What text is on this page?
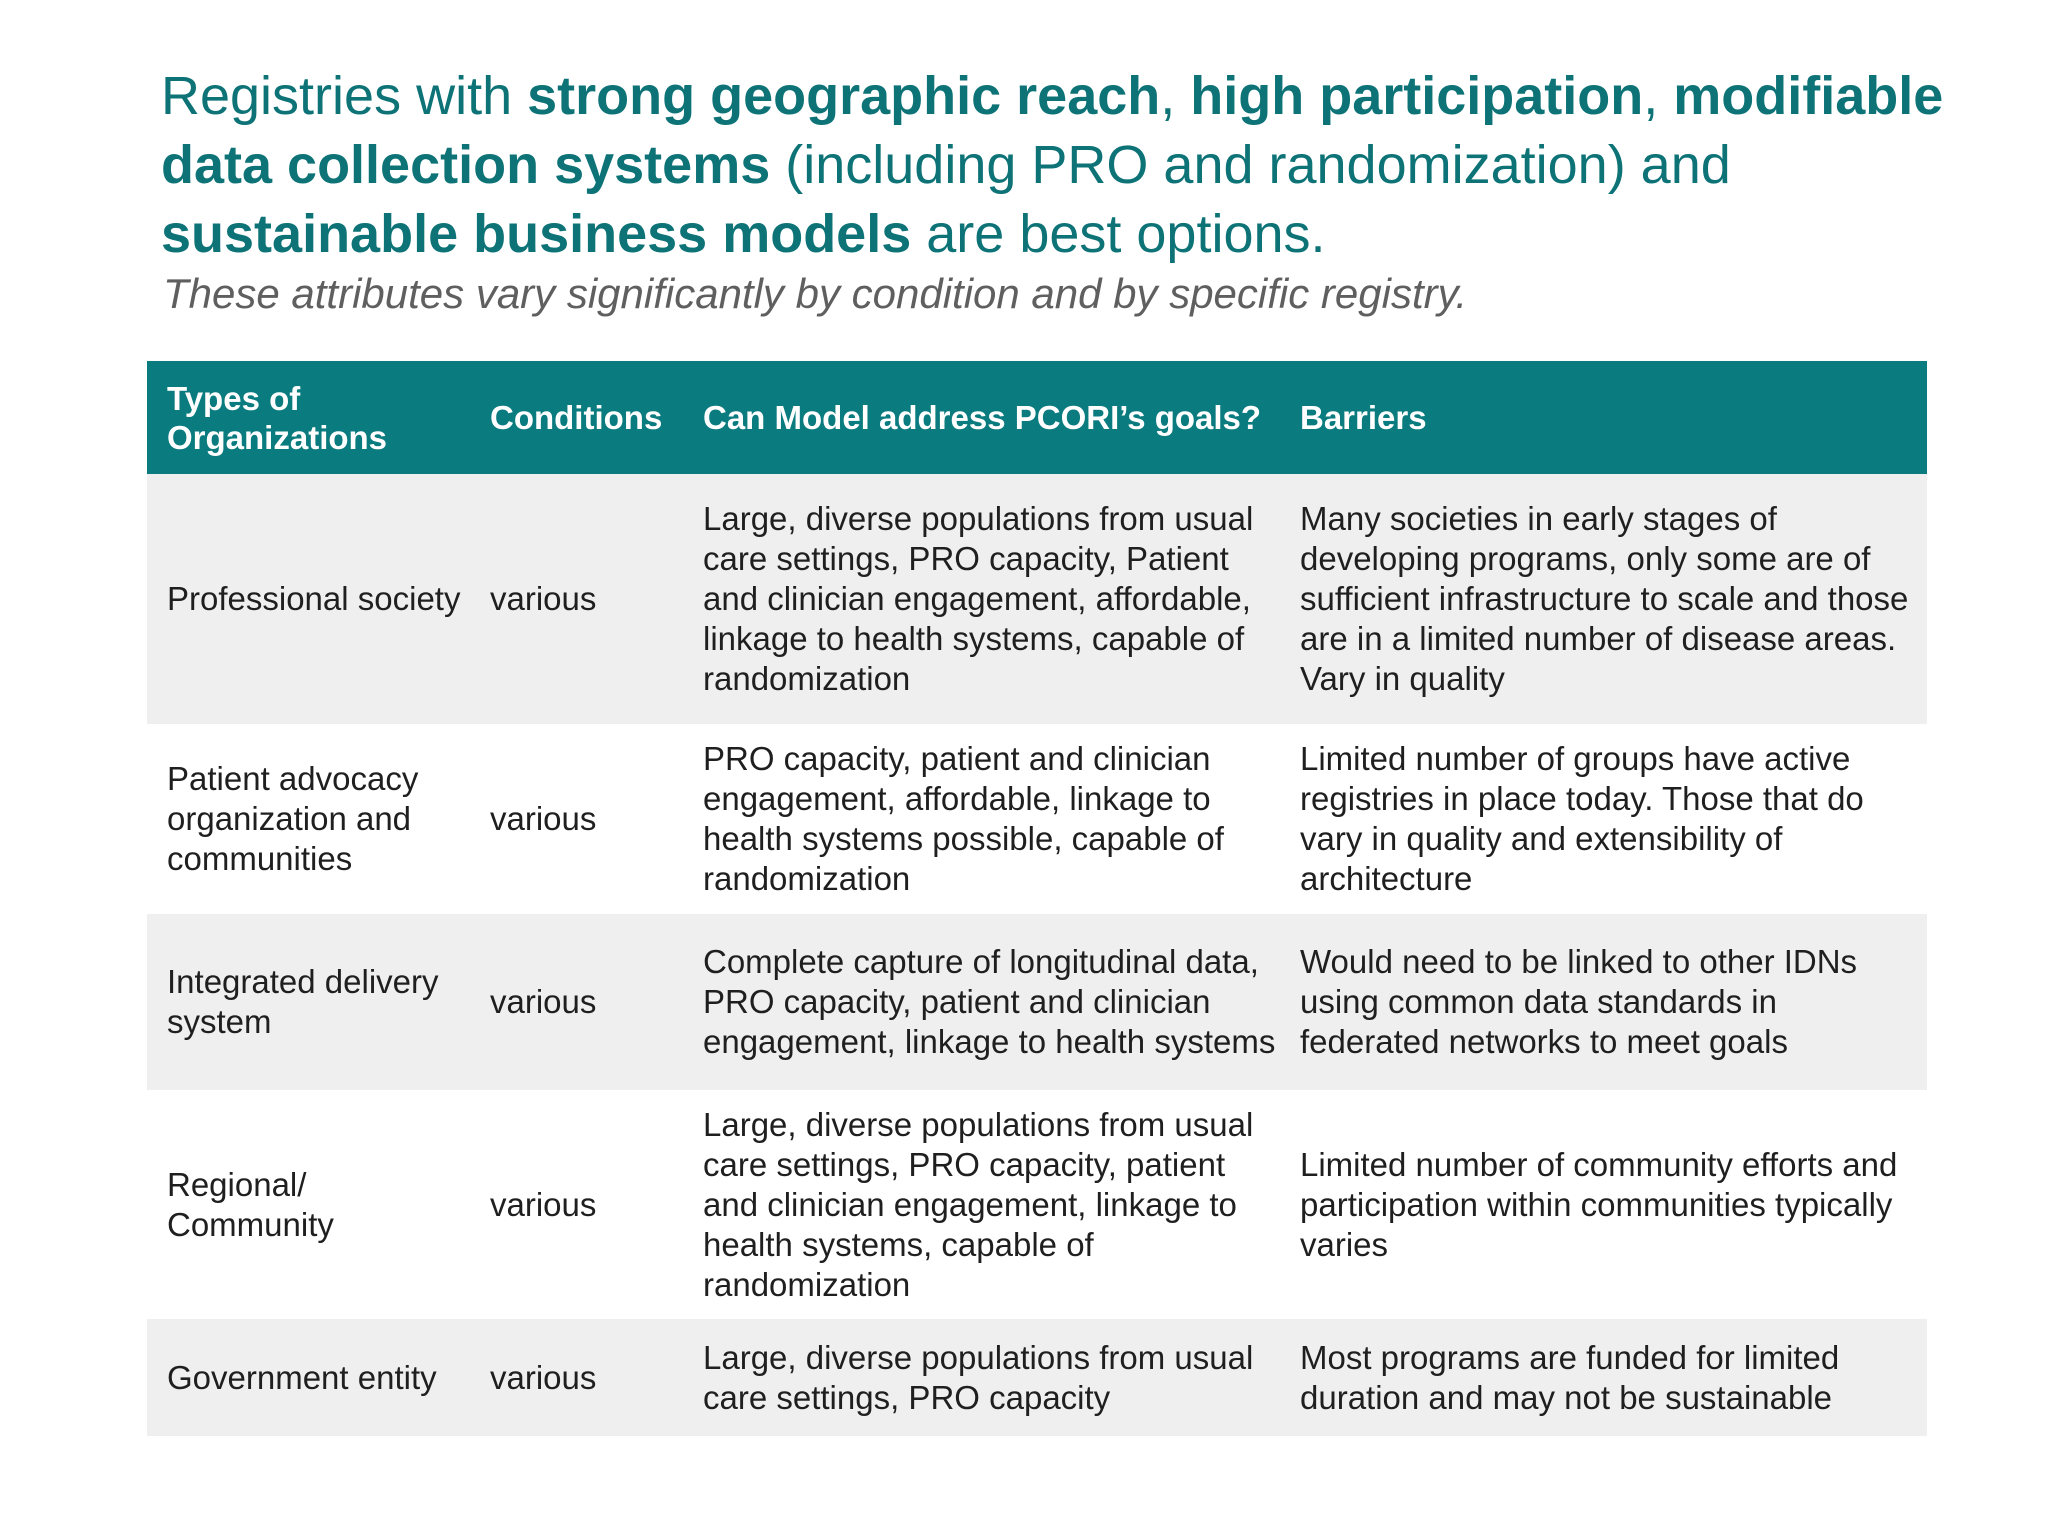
Registries with strong geographic reach, high participation, modifiable data collection systems (including PRO and randomization) and sustainable business models are best options.

These attributes vary significantly by condition and by specific registry.

Types of Organizations	Conditions	Can Model address PCORI’s goals?	Barriers
Professional society	various	Large, diverse populations from usual care settings, PRO capacity, Patient and clinician engagement, affordable, linkage to health systems, capable of randomization	Many societies in early stages of developing programs, only some are of sufficient infrastructure to scale and those are in a limited number of disease areas. Vary in quality
Patient advocacy organization and communities	various	PRO capacity, patient and clinician engagement, affordable, linkage to health systems possible, capable of randomization	Limited number of groups have active registries in place today. Those that do vary in quality and extensibility of architecture
Integrated delivery system	various	Complete capture of longitudinal data, PRO capacity, patient and clinician engagement, linkage to health systems	Would need to be linked to other IDNs using common data standards in federated networks to meet goals
Regional/ Community	various	Large, diverse populations from usual care settings, PRO capacity, patient and clinician engagement, linkage to health systems, capable of randomization	Limited number of community efforts and participation within communities typically varies
Government entity	various	Large, diverse populations from usual care settings, PRO capacity	Most programs are funded for limited duration and may not be sustainable
